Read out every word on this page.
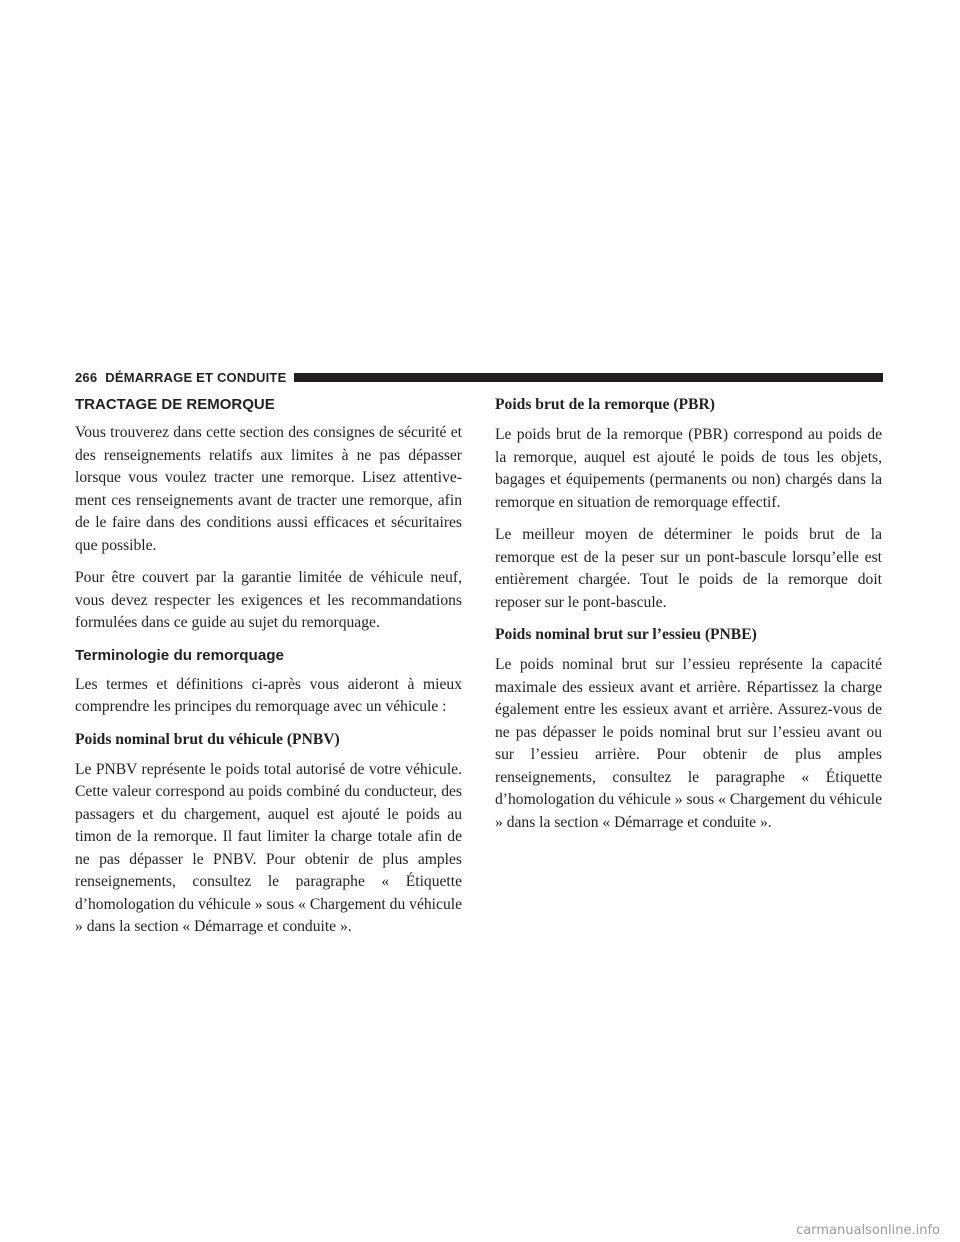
266 DÉMARRAGE ET CONDUITE
TRACTAGE DE REMORQUE

Vous trouverez dans cette section des consignes de sécurité et des renseignements relatifs aux limites à ne pas dépasser lorsque vous voulez tracter une remorque. Lisez attentivement ces renseignements avant de tracter une remorque, afin de le faire dans des conditions aussi efficaces et sécuritaires que possible.

Pour être couvert par la garantie limitée de véhicule neuf, vous devez respecter les exigences et les recommandations formulées dans ce guide au sujet du remorquage.

Terminologie du remorquage

Les termes et définitions ci-après vous aideront à mieux comprendre les principes du remorquage avec un véhicule :

Poids nominal brut du véhicule (PNBV)

Le PNBV représente le poids total autorisé de votre véhicule. Cette valeur correspond au poids combiné du conducteur, des passagers et du chargement, auquel est ajouté le poids au timon de la remorque. Il faut limiter la charge totale afin de ne pas dépasser le PNBV. Pour obtenir de plus amples renseignements, consultez le paragraphe « Étiquette d’homologation du véhicule » sous « Chargement du véhicule » dans la section « Démarrage et conduite ».

Poids brut de la remorque (PBR)

Le poids brut de la remorque (PBR) correspond au poids de la remorque, auquel est ajouté le poids de tous les objets, bagages et équipements (permanents ou non) chargés dans la remorque en situation de remorquage effectif.

Le meilleur moyen de déterminer le poids brut de la remorque est de la peser sur un pont-bascule lorsqu’elle est entièrement chargée. Tout le poids de la remorque doit reposer sur le pont-bascule.

Poids nominal brut sur l’essieu (PNBE)

Le poids nominal brut sur l’essieu représente la capacité maximale des essieux avant et arrière. Répartissez la charge également entre les essieux avant et arrière. Assurez-vous de ne pas dépasser le poids nominal brut sur l’essieu avant ou sur l’essieu arrière. Pour obtenir de plus amples renseignements, consultez le paragraphe « Étiquette d’homologation du véhicule » sous « Chargement du véhicule » dans la section « Démarrage et conduite ».

carmanualsonline.info
